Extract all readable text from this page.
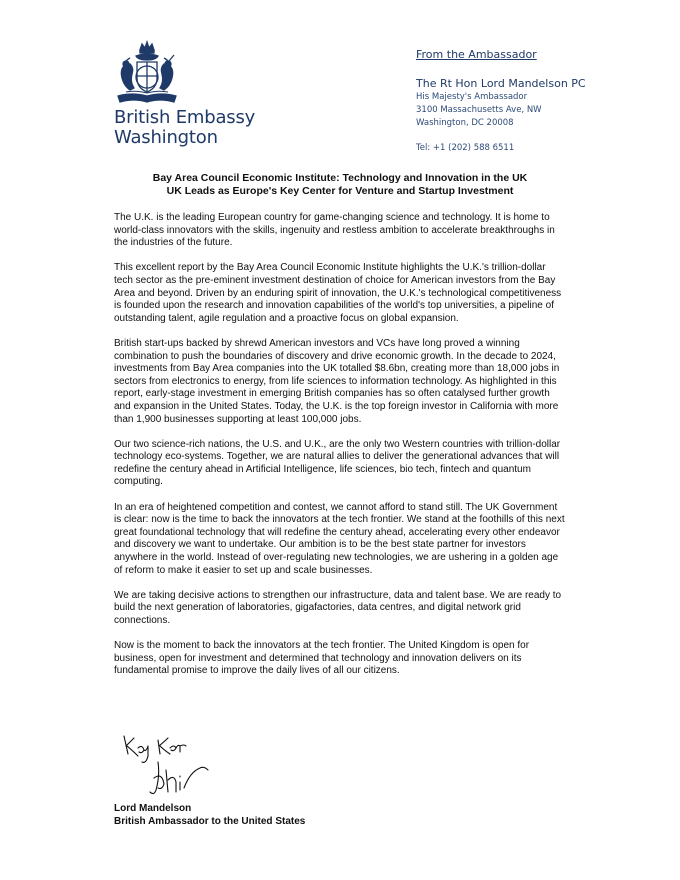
British Embassy
Washington
From the Ambassador
The Rt Hon Lord Mandelson PC
His Majesty's Ambassador
3100 Massachusetts Ave, NW
Washington, DC 20008
Tel: +1 (202) 588 6511
Bay Area Council Economic Institute: Technology and Innovation in the UK
UK Leads as Europe's Key Center for Venture and Startup Investment

The U.K. is the leading European country for game-changing science and technology. It is home to world-class innovators with the skills, ingenuity and restless ambition to accelerate breakthroughs in the industries of the future.

This excellent report by the Bay Area Council Economic Institute highlights the U.K.'s trillion-dollar tech sector as the pre-eminent investment destination of choice for American investors from the Bay Area and beyond. Driven by an enduring spirit of innovation, the U.K.'s technological competitiveness is founded upon the research and innovation capabilities of the world's top universities, a pipeline of outstanding talent, agile regulation and a proactive focus on global expansion.

British start-ups backed by shrewd American investors and VCs have long proved a winning combination to push the boundaries of discovery and drive economic growth. In the decade to 2024, investments from Bay Area companies into the UK totalled $8.6bn, creating more than 18,000 jobs in sectors from electronics to energy, from life sciences to information technology. As highlighted in this report, early-stage investment in emerging British companies has so often catalysed further growth and expansion in the United States. Today, the U.K. is the top foreign investor in California with more than 1,900 businesses supporting at least 100,000 jobs.

Our two science-rich nations, the U.S. and U.K., are the only two Western countries with trillion-dollar technology eco-systems. Together, we are natural allies to deliver the generational advances that will redefine the century ahead in Artificial Intelligence, life sciences, bio tech, fintech and quantum computing.

In an era of heightened competition and contest, we cannot afford to stand still. The UK Government is clear: now is the time to back the innovators at the tech frontier. We stand at the foothills of this next great foundational technology that will redefine the century ahead, accelerating every other endeavor and discovery we want to undertake. Our ambition is to be the best state partner for investors anywhere in the world. Instead of over-regulating new technologies, we are ushering in a golden age of reform to make it easier to set up and scale businesses.

We are taking decisive actions to strengthen our infrastructure, data and talent base. We are ready to build the next generation of laboratories, gigafactories, data centres, and digital network grid connections.

Now is the moment to back the innovators at the tech frontier. The United Kingdom is open for business, open for investment and determined that technology and innovation delivers on its fundamental promise to improve the daily lives of all our citizens.

Lord Mandelson
British Ambassador to the United States
